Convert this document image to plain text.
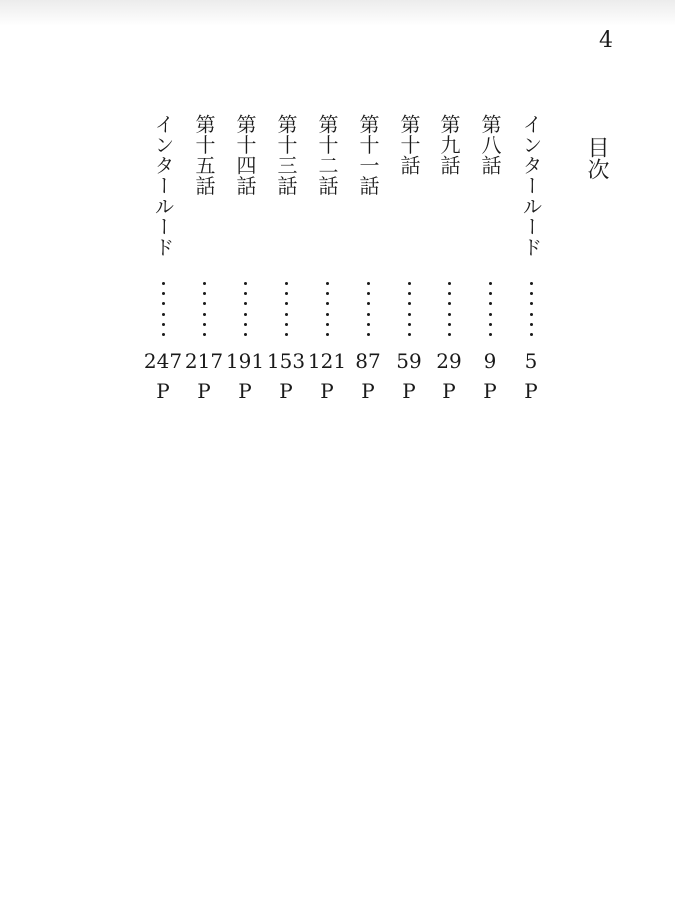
4
目次
インタールード
5
P
第八話
9
P
第九話
29
P
第十話
59
P
第十一話
87
P
第十二話
121
P
第十三話
153
P
第十四話
191
P
第十五話
217
P
インタールード
247
P
